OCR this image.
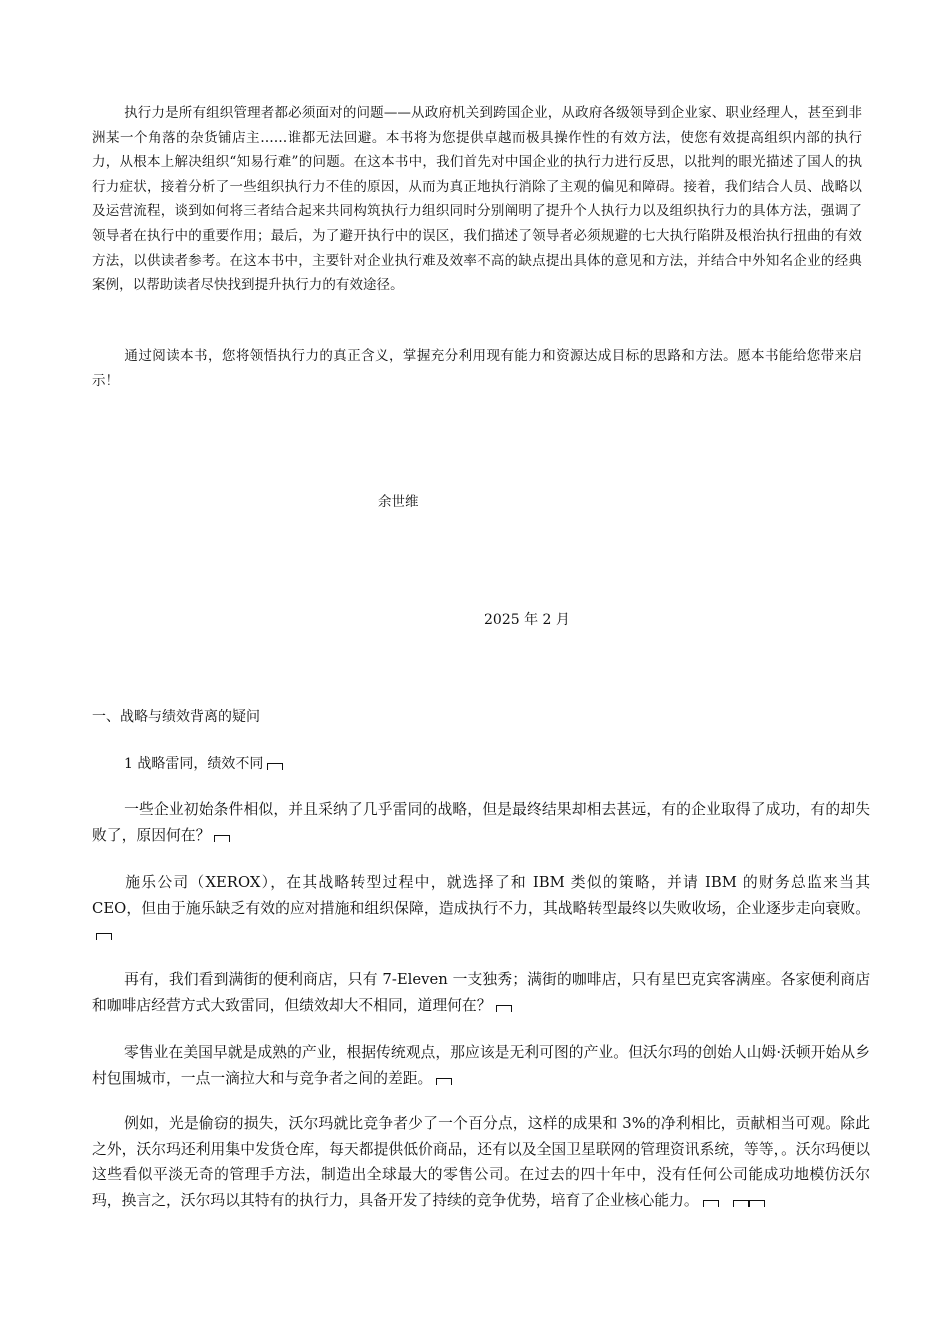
执行力是所有组织管理者都必须面对的问题——从政府机关到跨国企业，从政府各级领导到企业家、职业经理人，甚至到非洲某一个角落的杂货铺店主……谁都无法回避。本书将为您提供卓越而极具操作性的有效方法，使您有效提高组织内部的执行力，从根本上解决组织“知易行难”的问题。在这本书中，我们首先对中国企业的执行力进行反思，以批判的眼光描述了国人的执行力症状，接着分析了一些组织执行力不佳的原因，从而为真正地执行消除了主观的偏见和障碍。接着，我们结合人员、战略以及运营流程，谈到如何将三者结合起来共同构筑执行力组织同时分别阐明了提升个人执行力以及组织执行力的具体方法，强调了领导者在执行中的重要作用；最后，为了避开执行中的误区，我们描述了领导者必须规避的七大执行陷阱及根治执行扭曲的有效方法，以供读者参考。在这本书中，主要针对企业执行难及效率不高的缺点提出具体的意见和方法，并结合中外知名企业的经典案例，以帮助读者尽快找到提升执行力的有效途径。

通过阅读本书，您将领悟执行力的真正含义，掌握充分利用现有能力和资源达成目标的思路和方法。愿本书能给您带来启示！

余世维
2025 年 2 月
一、战略与绩效背离的疑问
1 战略雷同，绩效不同

一些企业初始条件相似，并且采纳了几乎雷同的战略，但是最终结果却相去甚远，有的企业取得了成功，有的却失败了，原因何在？

施乐公司（XEROX），在其战略转型过程中，就选择了和 IBM 类似的策略，并请 IBM 的财务总监来当其 CEO，但由于施乐缺乏有效的应对措施和组织保障，造成执行不力，其战略转型最终以失败收场，企业逐步走向衰败。

再有，我们看到满街的便利商店，只有 7-Eleven 一支独秀；满街的咖啡店，只有星巴克宾客满座。各家便利商店和咖啡店经营方式大致雷同，但绩效却大不相同，道理何在？

零售业在美国早就是成熟的产业，根据传统观点，那应该是无利可图的产业。但沃尔玛的创始人山姆·沃顿开始从乡村包围城市，一点一滴拉大和与竞争者之间的差距。

例如，光是偷窃的损失，沃尔玛就比竞争者少了一个百分点，这样的成果和 3%的净利相比，贡献相当可观。除此之外，沃尔玛还利用集中发货仓库，每天都提供低价商品，还有以及全国卫星联网的管理资讯系统，等等，。沃尔玛便以这些看似平淡无奇的管理手方法，制造出全球最大的零售公司。在过去的四十年中，没有任何公司能成功地模仿沃尔玛，换言之，沃尔玛以其特有的执行力，具备开发了持续的竞争优势，培育了企业核心能力。
